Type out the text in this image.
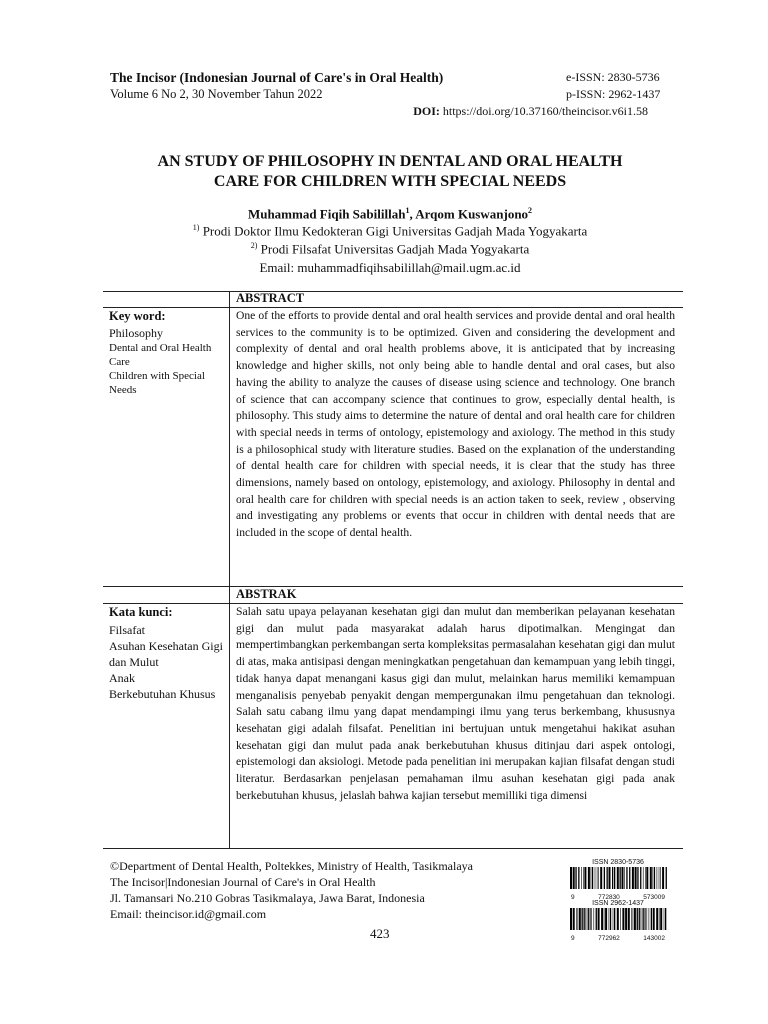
The Incisor (Indonesian Journal of Care's in Oral Health)
Volume 6 No 2, 30 November Tahun 2022
e-ISSN: 2830-5736
p-ISSN: 2962-1437
DOI: https://doi.org/10.37160/theincisor.v6i1.58
AN STUDY OF PHILOSOPHY IN DENTAL AND ORAL HEALTH
CARE FOR CHILDREN WITH SPECIAL NEEDS
Muhammad Fiqih Sabilillah$^1$, Arqom Kuswanjono$^2$
$^{1)}$ Prodi Doktor Ilmu Kedokteran Gigi Universitas Gadjah Mada Yogyakarta
$^{2)}$ Prodi Filsafat Universitas Gadjah Mada Yogyakarta
Email: muhammadfiqihsabilillah@mail.ugm.ac.id
ABSTRACT
Key word:
Philosophy
Dental and Oral Health Care
Children with Special Needs
One of the efforts to provide dental and oral health services and provide dental and oral health services to the community is to be optimized. Given and considering the development and complexity of dental and oral health problems above, it is anticipated that by increasing knowledge and higher skills, not only being able to handle dental and oral cases, but also having the ability to analyze the causes of disease using science and technology. One branch of science that can accompany science that continues to grow, especially dental health, is philosophy. This study aims to determine the nature of dental and oral health care for children with special needs in terms of ontology, epistemology and axiology. The method in this study is a philosophical study with literature studies. Based on the explanation of the understanding of dental health care for children with special needs, it is clear that the study has three dimensions, namely based on ontology, epistemology, and axiology. Philosophy in dental and oral health care for children with special needs is an action taken to seek, review , observing and investigating any problems or events that occur in children with dental needs that are included in the scope of dental health.
ABSTRAK
Kata kunci:
Filsafat
Asuhan Kesehatan Gigi dan Mulut
Anak
Berkebutuhan Khusus
Salah satu upaya pelayanan kesehatan gigi dan mulut dan memberikan pelayanan kesehatan gigi dan mulut pada masyarakat adalah harus dipotimalkan. Mengingat dan mempertimbangkan perkembangan serta kompleksitas permasalahan kesehatan gigi dan mulut di atas, maka antisipasi dengan meningkatkan pengetahuan dan kemampuan yang lebih tinggi, tidak hanya dapat menangani kasus gigi dan mulut, melainkan harus memiliki kemampuan menganalisis penyebab penyakit dengan mempergunakan ilmu pengetahuan dan teknologi. Salah satu cabang ilmu yang dapat mendampingi ilmu yang terus berkembang, khususnya kesehatan gigi adalah filsafat. Penelitian ini bertujuan untuk mengetahui hakikat asuhan kesehatan gigi dan mulut pada anak berkebutuhan khusus ditinjau dari aspek ontologi, epistemologi dan aksiologi. Metode pada penelitian ini merupakan kajian filsafat dengan studi literatur. Berdasarkan penjelasan pemahaman ilmu asuhan kesehatan gigi pada anak berkebutuhan khusus, jelaslah bahwa kajian tersebut memilliki tiga dimensi
©Department of Dental Health, Poltekkes, Ministry of Health, Tasikmalaya
The Incisor|Indonesian Journal of Care's in Oral Health
Jl. Tamansari No.210 Gobras Tasikmalaya, Jawa Barat, Indonesia
Email: theincisor.id@gmail.com
423
ISSN 2830-5736
9	772830	573009
ISSN 2962-1437
9	772962	143002
